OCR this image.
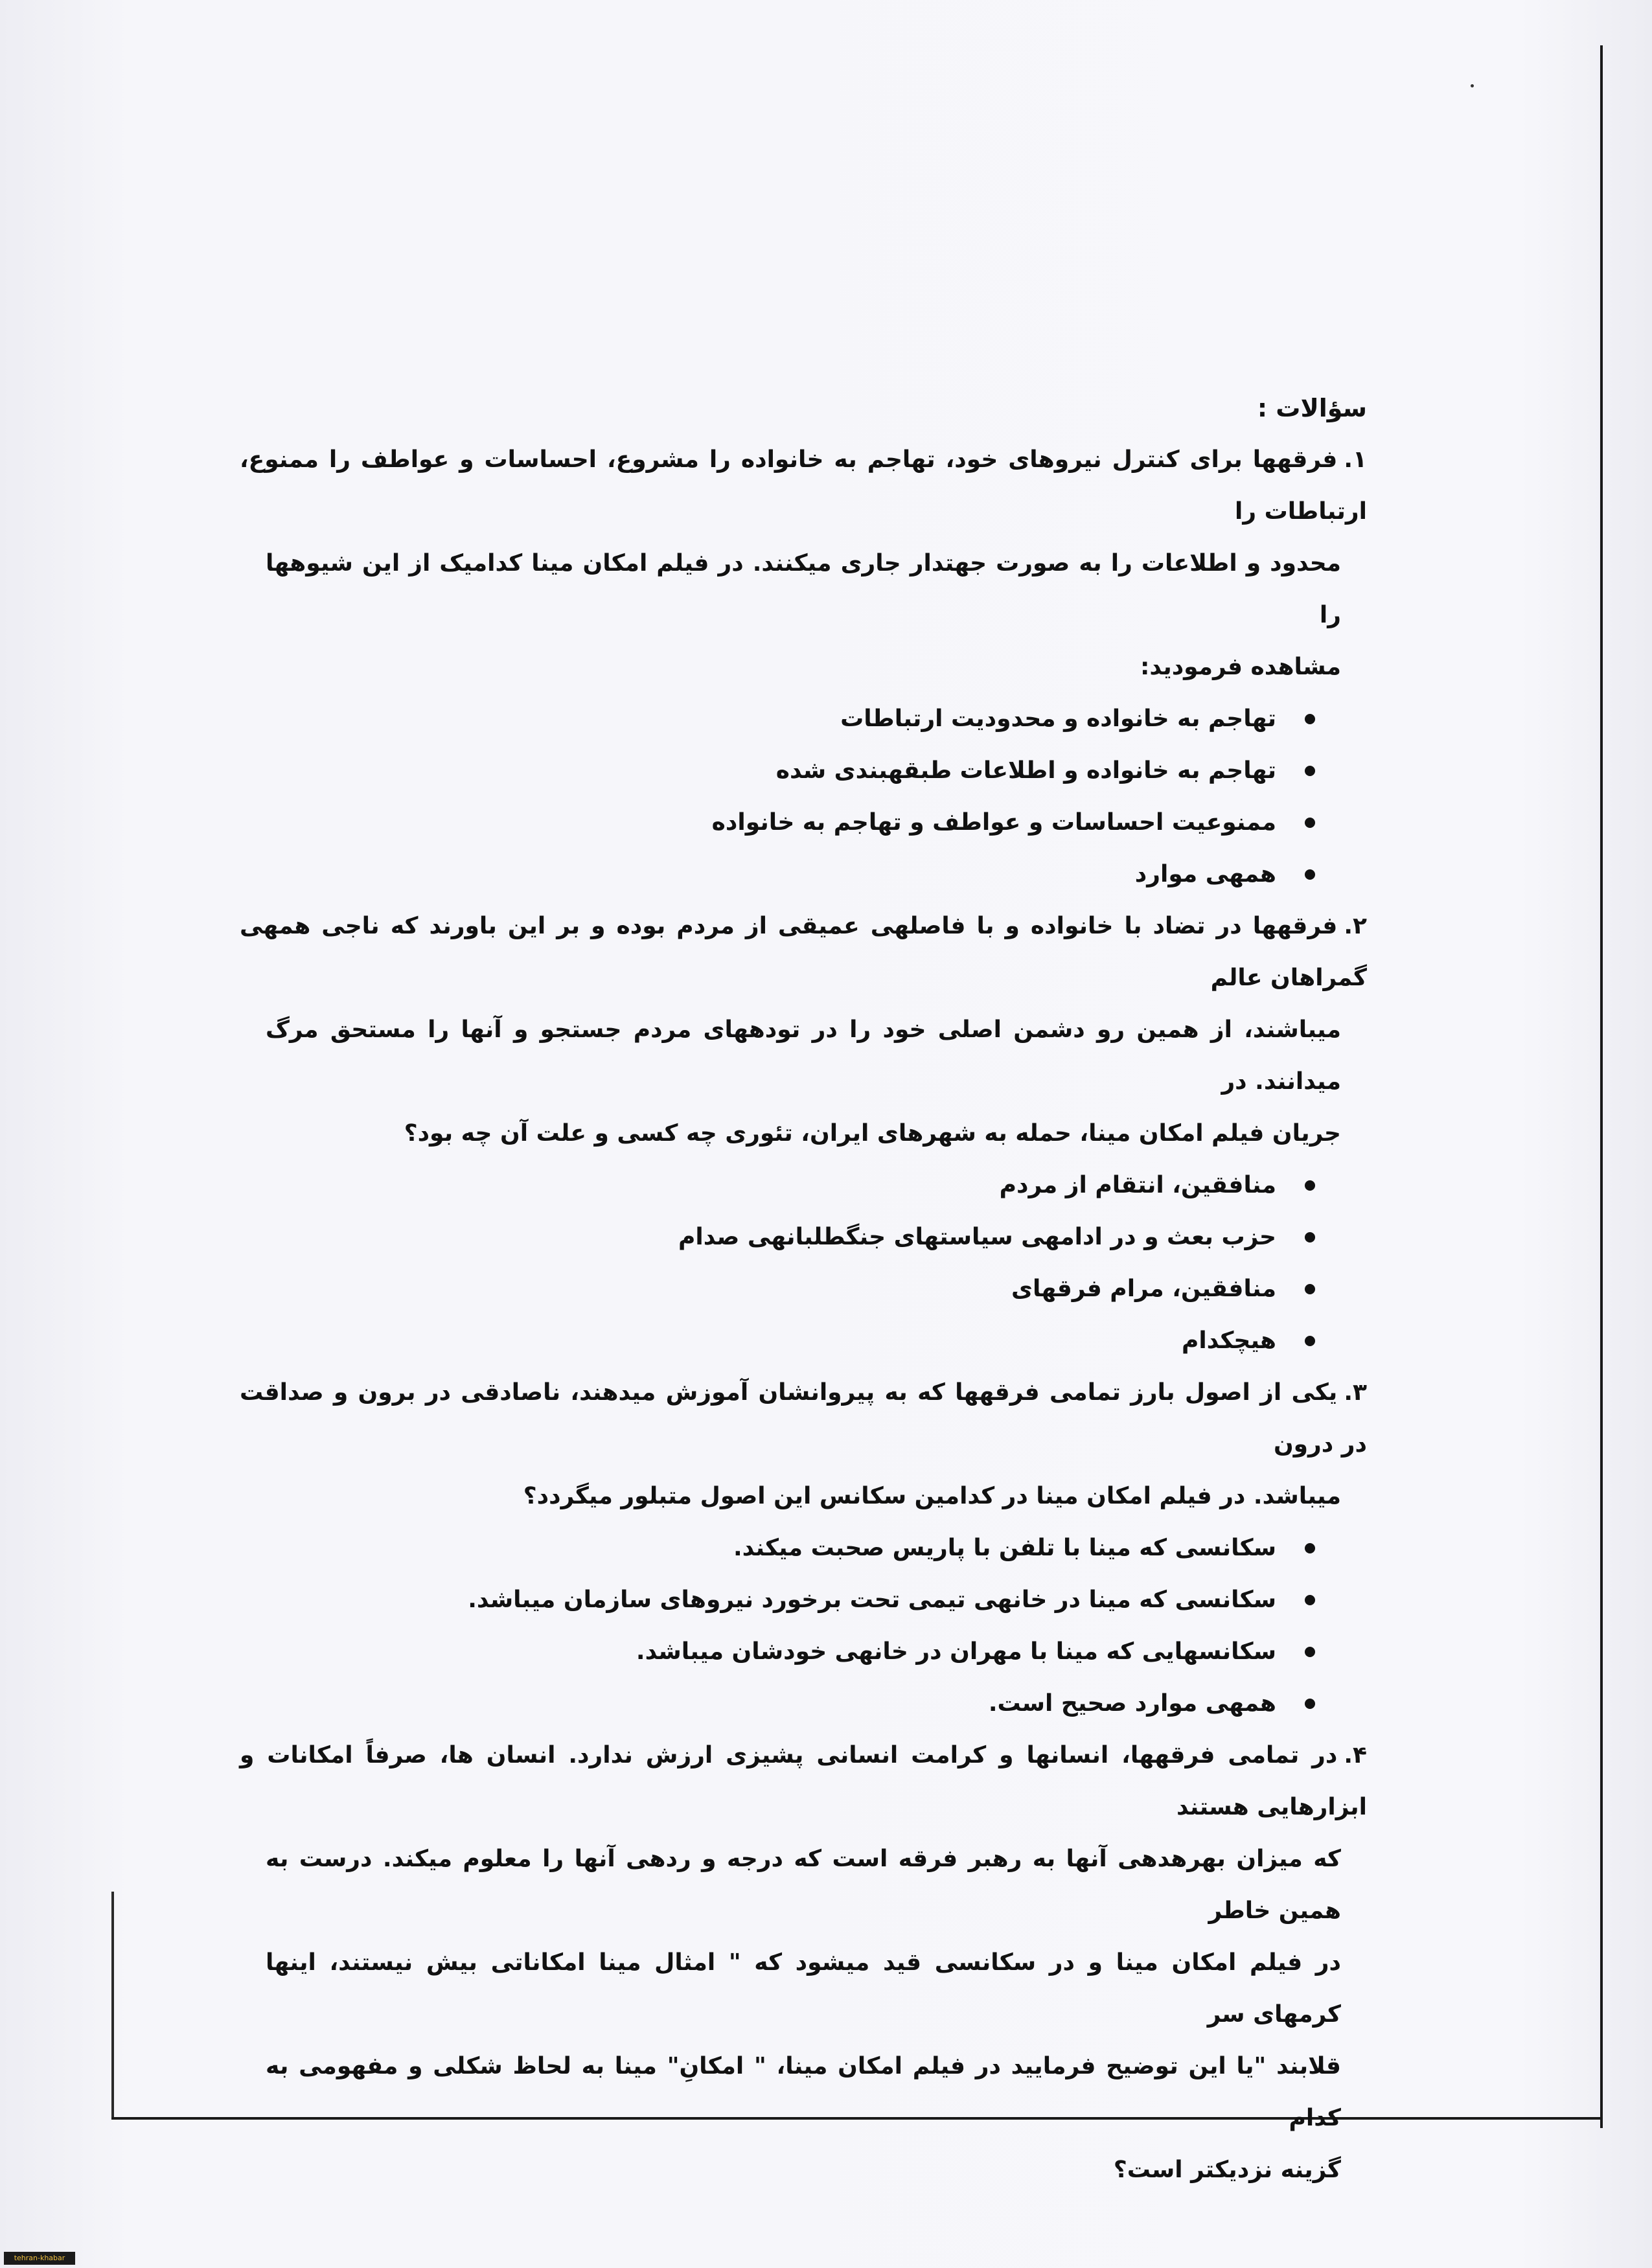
سؤالات :
۱.فرقهها برای کنترل نیروهای خود، تهاجم به خانواده را مشروع، احساسات و عواطف را ممنوع، ارتباطات را
محدود و اطلاعات را به صورت جهتدار جاری میکنند. در فیلم امکان مینا کدامیک از این شیوهها را
مشاهده فرمودید:
تهاجم به خانواده و محدودیت ارتباطات
تهاجم به خانواده و اطلاعات طبقهبندی شده
ممنوعیت احساسات و عواطف و تهاجم به خانواده
همهی موارد
۲.فرقهها در تضاد با خانواده و با فاصلهی عمیقی از مردم بوده و بر این باورند که ناجی همهی گمراهان عالم
میباشند، از همین رو دشمن اصلی خود را در تودههای مردم جستجو و آنها را مستحق مرگ میدانند. در
جریان فیلم امکان مینا، حمله به شهرهای ایران، تئوری چه کسی و علت آن چه بود؟
منافقین، انتقام از مردم
حزب بعث و در ادامهی سیاستهای جنگطلبانهی صدام
منافقین، مرام فرقهای
هیچکدام
۳.یکی از اصول بارز تمامی فرقهها که به پیروانشان آموزش میدهند، ناصادقی در برون و صداقت در درون
میباشد. در فیلم امکان مینا در کدامین سکانس این اصول متبلور میگردد؟
سکانسی که مینا با تلفن با پاریس صحبت میکند.
سکانسی که مینا در خانهی تیمی تحت برخورد نیروهای سازمان میباشد.
سکانسهایی که مینا با مهران در خانهی خودشان میباشد.
همهی موارد صحیح است.
۴.در تمامی فرقهها، انسانها و کرامت انسانی پشیزی ارزش ندارد. انسان ها، صرفاً امکانات و ابزارهایی هستند
که میزان بهرهدهی آنها به رهبر فرقه است که درجه و ردهی آنها را معلوم میکند. درست به همین خاطر
در فیلم امکان مینا و در سکانسی قید میشود که " امثال مینا امکاناتی بیش نیستند، اینها کرمهای سر
قلابند "یا این توضیح فرمایید در فیلم امکان مینا، " امکانِ" مینا به لحاظ شکلی و مفهومی به کدام
گزینه نزدیکتر است؟
tehran-khabar
